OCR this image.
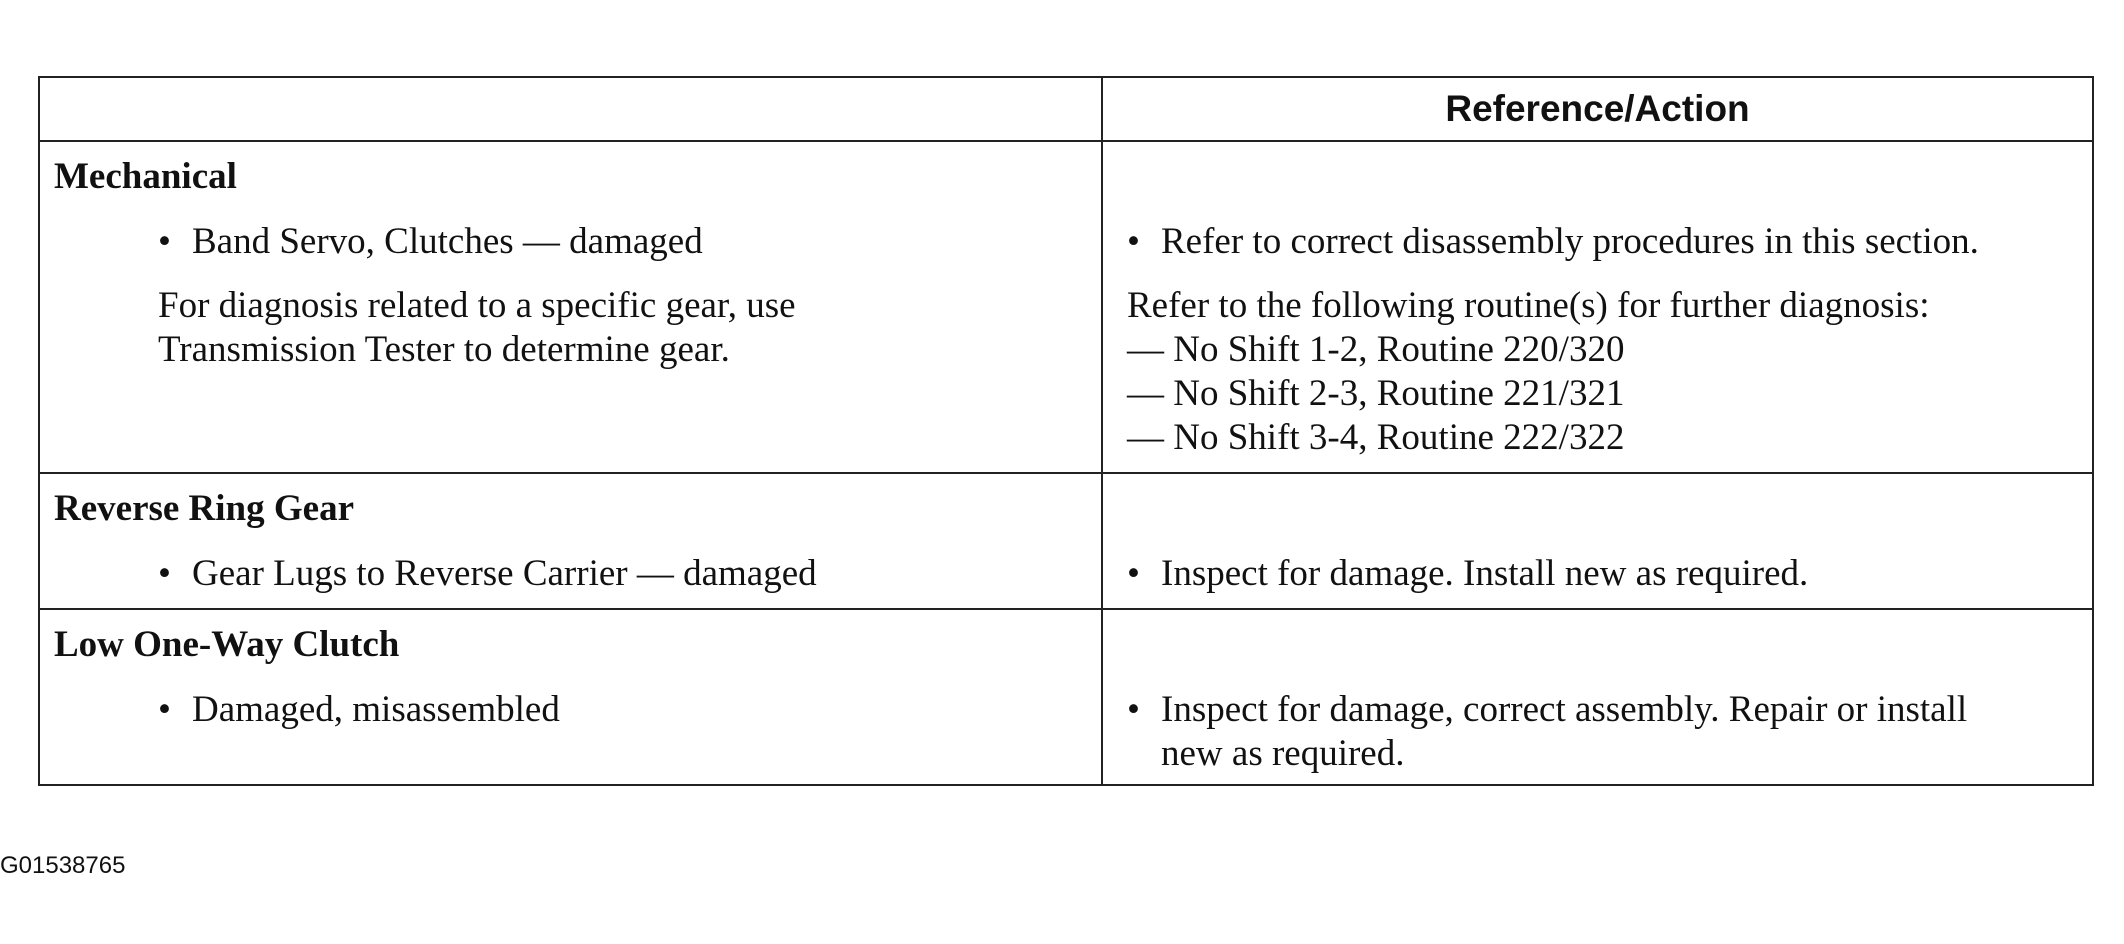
	Reference/Action

Mechanical	

• Band Servo, Clutches — damaged	• Refer to correct disassembly procedures in this section.

For diagnosis related to a specific gear, use Transmission Tester to determine gear.	Refer to the following routine(s) for further diagnosis:
— No Shift 1-2, Routine 220/320
— No Shift 2-3, Routine 221/321
— No Shift 3-4, Routine 222/322

Reverse Ring Gear	

• Gear Lugs to Reverse Carrier — damaged	• Inspect for damage. Install new as required.

Low One-Way Clutch	

• Damaged, misassembled	• Inspect for damage, correct assembly. Repair or install new as required.
G01538765
